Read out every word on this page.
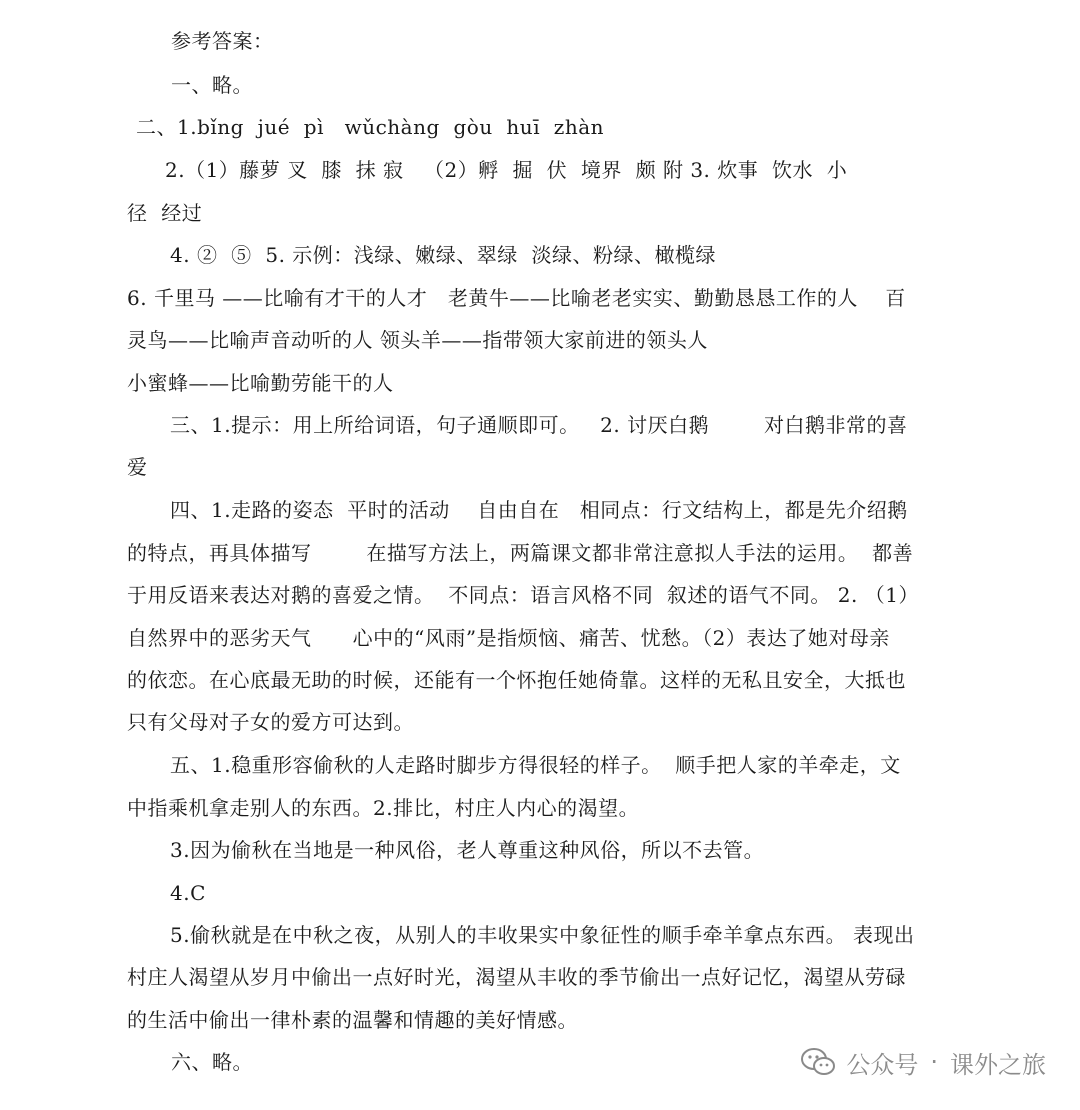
参考答案：
一、略。
二、1.bǐng  jué  pì   wǔchàng  gòu  huī  zhàn
2.（1）藤萝 叉  膝  抹 寂   （2）孵  掘  伏  境界  颇 附 3. 炊事  饮水  小
径  经过
4. ②  ⑤  5. 示例：浅绿、嫩绿、翠绿  淡绿、粉绿、橄榄绿
6. 千里马 ——比喻有才干的人才   老黄牛——比喻老老实实、勤勤恳恳工作的人    百
灵鸟——比喻声音动听的人 领头羊——指带领大家前进的领头人
小蜜蜂——比喻勤劳能干的人
三、1.提示：用上所给词语，句子通顺即可。   2. 讨厌白鹅        对白鹅非常的喜
爱
四、1.走路的姿态  平时的活动    自由自在   相同点：行文结构上，都是先介绍鹅
的特点，再具体描写        在描写方法上，两篇课文都非常注意拟人手法的运用。  都善
于用反语来表达对鹅的喜爱之情。  不同点：语言风格不同  叙述的语气不同。 2. （1）
自然界中的恶劣天气      心中的“风雨”是指烦恼、痛苦、忧愁。（2）表达了她对母亲
的依恋。在心底最无助的时候，还能有一个怀抱任她倚靠。这样的无私且安全，大抵也
只有父母对子女的爱方可达到。
五、1.稳重形容偷秋的人走路时脚步方得很轻的样子。  顺手把人家的羊牵走，文
中指乘机拿走别人的东西。2.排比，村庄人内心的渴望。
3.因为偷秋在当地是一种风俗，老人尊重这种风俗，所以不去管。
4.C
5.偷秋就是在中秋之夜，从别人的丰收果实中象征性的顺手牵羊拿点东西。 表现出
村庄人渴望从岁月中偷出一点好时光，渴望从丰收的季节偷出一点好记忆，渴望从劳碌
的生活中偷出一律朴素的温馨和情趣的美好情感。
六、略。	公众号 · 课外之旅
